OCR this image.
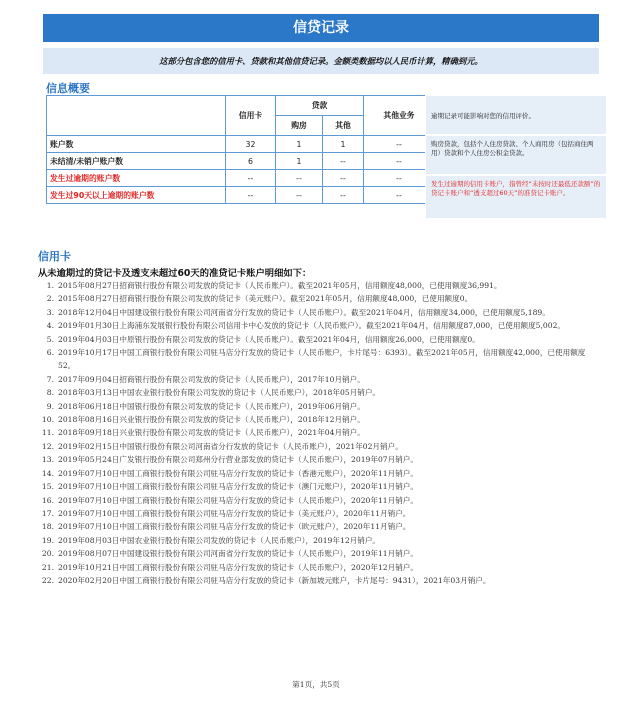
信贷记录
这部分包含您的信用卡、贷款和其他信贷记录。金额类数据均以人民币计算，精确到元。
信息概要
	信用卡	贷款		其他业务
		购房	其他	
账户数	32	1	1	--
未结清/未销户账户数	6	1	--	--
发生过逾期的账户数	--	--	--	--
发生过90天以上逾期的账户数	--	--	--	--
逾期记录可能影响对您的信用评价。
购房贷款，包括个人住房贷款、个人商用房（包括商住两用）贷款和个人住房公积金贷款。
发生过逾期的信用卡账户，指曾经“未按时还最低还款额”的贷记卡账户和“透支超过60天”的准贷记卡账户。
信用卡
从未逾期过的贷记卡及透支未超过60天的准贷记卡账户明细如下：
1. 2015年08月27日招商银行股份有限公司发放的贷记卡（人民币账户）。截至2021年05月，信用额度48,000，已使用额度36,991。
2. 2015年08月27日招商银行股份有限公司发放的贷记卡（美元账户）。截至2021年05月，信用额度48,000，已使用额度0。
3. 2018年12月04日中国建设银行股份有限公司河南省分行发放的贷记卡（人民币账户）。截至2021年04月，信用额度34,000，已使用额度5,189。
4. 2019年01月30日上海浦东发展银行股份有限公司信用卡中心发放的贷记卡（人民币账户）。截至2021年04月，信用额度87,000，已使用额度5,002。
5. 2019年04月03日中原银行股份有限公司发放的贷记卡（人民币账户）。截至2021年04月，信用额度26,000，已使用额度0。
6. 2019年10月17日中国工商银行股份有限公司驻马店分行发放的贷记卡（人民币账户，卡片尾号：6393）。截至2021年05月，信用额度42,000，已使用额度52。
7. 2017年09月04日招商银行股份有限公司发放的贷记卡（人民币账户），2017年10月销户。
8. 2018年03月13日中国农业银行股份有限公司发放的贷记卡（人民币账户），2018年05月销户。
9. 2018年06月18日中国银行股份有限公司发放的贷记卡（人民币账户），2019年06月销户。
10. 2018年08月16日兴业银行股份有限公司发放的贷记卡（人民币账户），2018年12月销户。
11. 2018年09月18日兴业银行股份有限公司发放的贷记卡（人民币账户），2021年04月销户。
12. 2019年02月15日中国银行股份有限公司河南省分行发放的贷记卡（人民币账户），2021年02月销户。
13. 2019年05月24日广发银行股份有限公司郑州分行营业部发放的贷记卡（人民币账户），2019年07月销户。
14. 2019年07月10日中国工商银行股份有限公司驻马店分行发放的贷记卡（香港元账户），2020年11月销户。
15. 2019年07月10日中国工商银行股份有限公司驻马店分行发放的贷记卡（澳门元账户），2020年11月销户。
16. 2019年07月10日中国工商银行股份有限公司驻马店分行发放的贷记卡（人民币账户），2020年11月销户。
17. 2019年07月10日中国工商银行股份有限公司驻马店分行发放的贷记卡（美元账户），2020年11月销户。
18. 2019年07月10日中国工商银行股份有限公司驻马店分行发放的贷记卡（欧元账户），2020年11月销户。
19. 2019年08月03日中国农业银行股份有限公司发放的贷记卡（人民币账户），2019年12月销户。
20. 2019年08月07日中国建设银行股份有限公司河南省分行发放的贷记卡（人民币账户），2019年11月销户。
21. 2019年10月21日中国工商银行股份有限公司驻马店分行发放的贷记卡（人民币账户），2020年12月销户。
22. 2020年02月20日中国工商银行股份有限公司驻马店分行发放的贷记卡（新加坡元账户，卡片尾号：9431），2021年03月销户。
第1页，共5页
